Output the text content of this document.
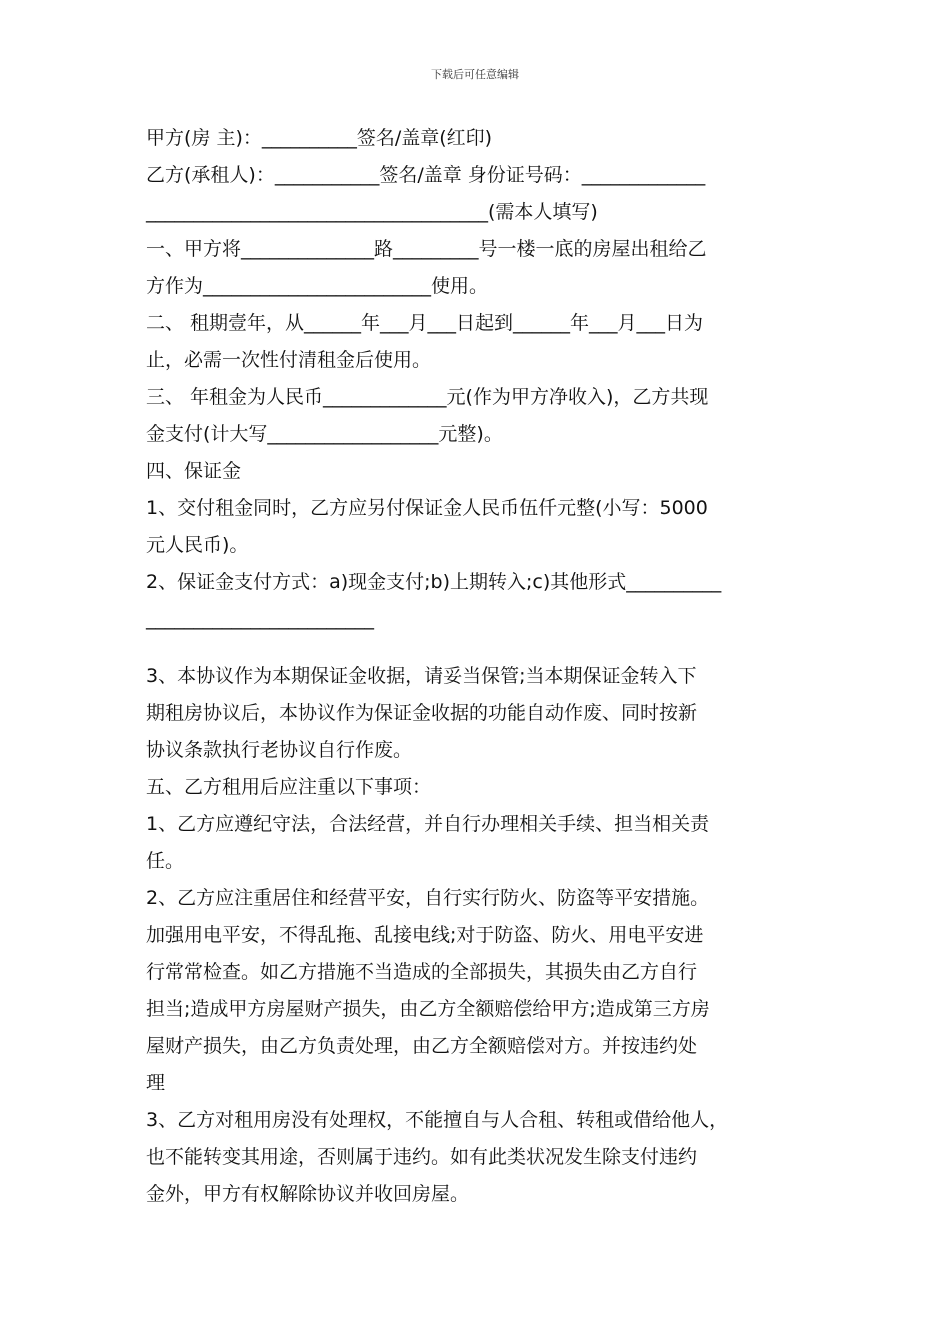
下载后可任意编辑
甲方(房 主)：__________签名/盖章(红印)
乙方(承租人)：___________签名/盖章 身份证号码：_____________
____________________________________(需本人填写)
一、甲方将______________路_________号一楼一底的房屋出租给乙
方作为________________________使用。
二、 租期壹年，从______年___月___日起到______年___月___日为
止，必需一次性付清租金后使用。
三、 年租金为人民币_____________元(作为甲方净收入)，乙方共现
金支付(计大写__________________元整)。
四、保证金
1、交付租金同时，乙方应另付保证金人民币伍仟元整(小写：5000
元人民币)。
2、保证金支付方式：a)现金支付;b)上期转入;c)其他形式__________
________________________
3、本协议作为本期保证金收据，请妥当保管;当本期保证金转入下
期租房协议后，本协议作为保证金收据的功能自动作废、同时按新
协议条款执行老协议自行作废。
五、乙方租用后应注重以下事项：
1、乙方应遵纪守法，合法经营，并自行办理相关手续、担当相关责
任。
2、乙方应注重居住和经营平安，自行实行防火、防盗等平安措施。
加强用电平安，不得乱拖、乱接电线;对于防盗、防火、用电平安进
行常常检查。如乙方措施不当造成的全部损失，其损失由乙方自行
担当;造成甲方房屋财产损失，由乙方全额赔偿给甲方;造成第三方房
屋财产损失，由乙方负责处理，由乙方全额赔偿对方。并按违约处
理
3、乙方对租用房没有处理权，不能擅自与人合租、转租或借给他人，
也不能转变其用途，否则属于违约。如有此类状况发生除支付违约
金外，甲方有权解除协议并收回房屋。
